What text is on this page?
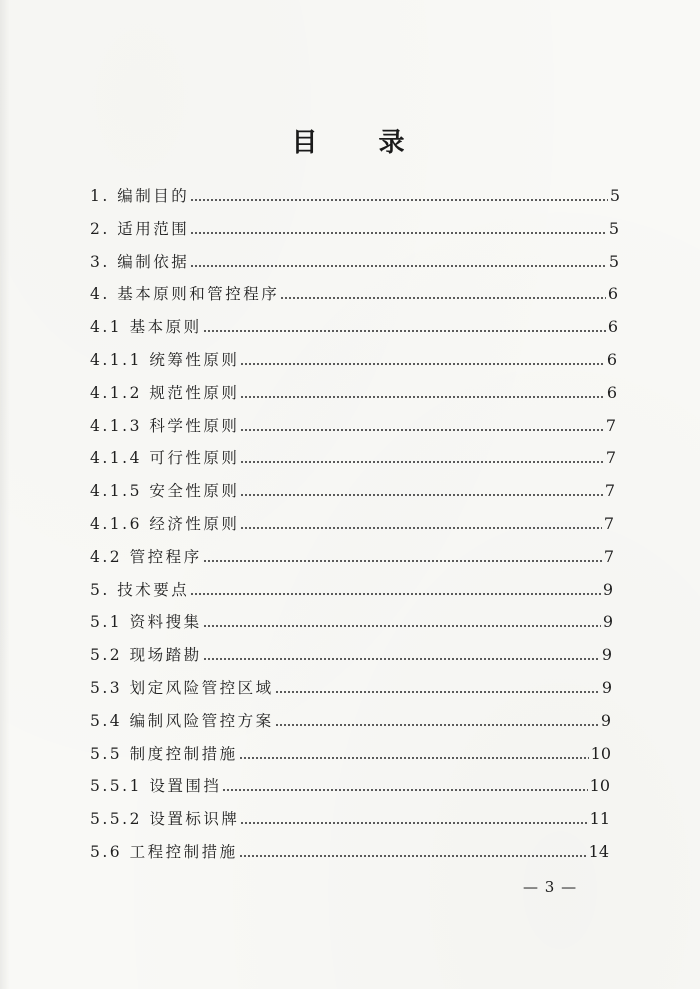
目 录
1. 编制目的	5
2. 适用范围	5
3. 编制依据	5
4. 基本原则和管控程序	6
4.1 基本原则	6
4.1.1 统筹性原则	6
4.1.2 规范性原则	6
4.1.3 科学性原则	7
4.1.4 可行性原则	7
4.1.5 安全性原则	7
4.1.6 经济性原则	7
4.2 管控程序	7
5. 技术要点	9
5.1 资料搜集	9
5.2 现场踏勘	9
5.3 划定风险管控区域	9
5.4 编制风险管控方案	9
5.5 制度控制措施	10
5.5.1 设置围挡	10
5.5.2 设置标识牌	11
5.6 工程控制措施	14
— 3 —
